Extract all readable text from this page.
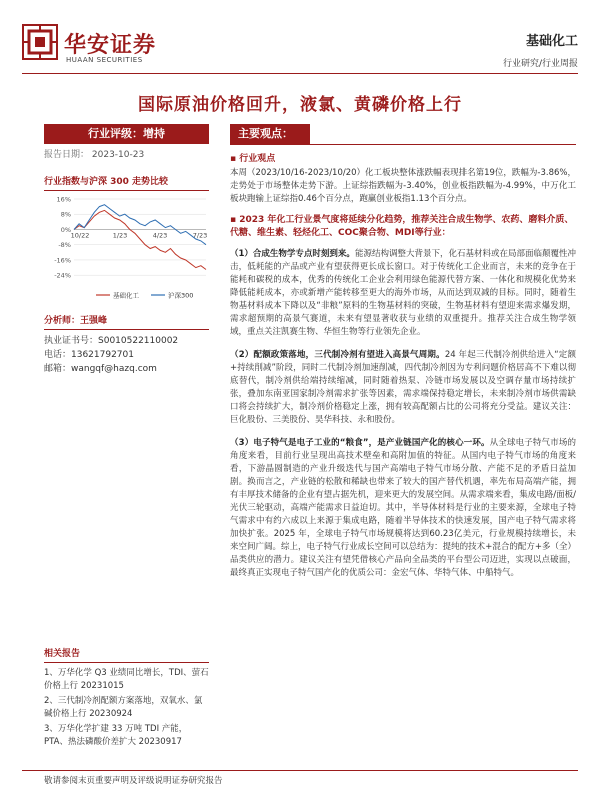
华安证券
HUAAN SECURITIES
基础化工
行业研究/行业周报
国际原油价格回升，液氯、黄磷价格上行
行业评级：增持
报告日期： 2023-10-23
行业指数与沪深 300 走势比较
16%
8%
0%
-8%
-16%
-24%
10/22	1/23	4/23	7/23
基础化工	沪深300
分析师：王强峰
执业证书号：S0010522110002
电话：13621792701
邮箱：wangqf@hazq.com
相关报告
1、万华化学 Q3 业绩同比增长，TDI、萤石价格上行 20231015
2、三代制冷剂配额方案落地，双氧水、氯碱价格上行 20230924
3、万华化学扩建 33 万吨 TDI 产能，PTA、热法磷酸价差扩大 20230917
主要观点：
▪ 行业观点
本周（2023/10/16-2023/10/20）化工板块整体涨跌幅表现排名第19位，跌幅为-3.86%，走势处于市场整体走势下游。上证综指跌幅为-3.40%，创业板指跌幅为-4.99%，中万化工板块跑输上证综指0.46个百分点，跑赢创业板指1.13个百分点。
▪ 2023 年化工行业景气度将延续分化趋势，推荐关注合成生物学、农药、磨料介质、代糖、维生素、轻烃化工、COC聚合物、MDI等行业：
（1）合成生物学专点时刻到来。能源结构调整大背景下，化石基材料或在局部面临颠覆性冲击，低耗能的产品或产业有望获得更长成长窗口。对于传统化工企业而言，未来的竞争在于能耗和碳税的成本，优秀的传统化工企业会利用绿色能源代替方案、一体化和规模化优势来降低能耗成本，亦或新增产能转移至更大的海外市场，从而达到双减的目标。同时，随着生物基材料成本下降以及“非粮”原料的生物基材料的突破，生物基材料有望迎来需求爆发期，需求超预期的高景气赛道，未来有望显著收获与业绩的双重提升。推荐关注合成生物学领域，重点关注凯赛生物、华恒生物等行业领先企业。
（2）配额政策落地，三代制冷剂有望进入高景气周期。24 年起三代制冷剂供给进入“定额+持续削减”阶段，同时二代制冷剂加速削减，四代制冷剂因为专利问题价格居高不下难以彻底替代，制冷剂供给端持续缩减，同时随着热泵、冷链市场发展以及空调存量市场持续扩张，叠加东南亚国家制冷剂需求扩张等因素，需求端保持稳定增长，未来制冷剂市场供需缺口将会持续扩大，制冷剂价格稳定上涨，拥有较高配额占比的公司将充分受益。建议关注：巨化股份、三美股份、昊华科技、永和股份。
（3）电子特气是电子工业的“粮食”，是产业链国产化的核心一环。从全球电子特气市场的角度来看，目前行业呈现出高技术壁垒和高附加值的特征。从国内电子特气市场的角度来看，下游晶圆制造的产业升级迭代与国产高端电子特气市场分散、产能不足的矛盾日益加剧。换而言之，产业链的松散和稀缺也带来了较大的国产替代机遇，率先布局高端产能，拥有丰厚技术储备的企业有望占据先机，迎来更大的发展空间。从需求端来看，集成电路/面板/光伏三轮驱动，高端产能需求日益迫切。其中，半导体材料是行业的主要来源，全球电子特气需求中有约六成以上来源于集成电路，随着半导体技术的快速发展，国产电子特气需求将加快扩张。2025 年，全球电子特气市场规模将达到60.23亿美元，行业规模持续增长，未来空间广阔。综上，电子特气行业成长空间可以总结为：提纯的技术+混合的配方+多（全）品类供应的潜力。建议关注有望凭借核心产品向全品类的平台型公司迈进，实现以点破面，最终真正实现电子特气国产化的优质公司：金宏气体、华特气体、中船特气。
敬请参阅末页重要声明及评级说明证券研究报告
